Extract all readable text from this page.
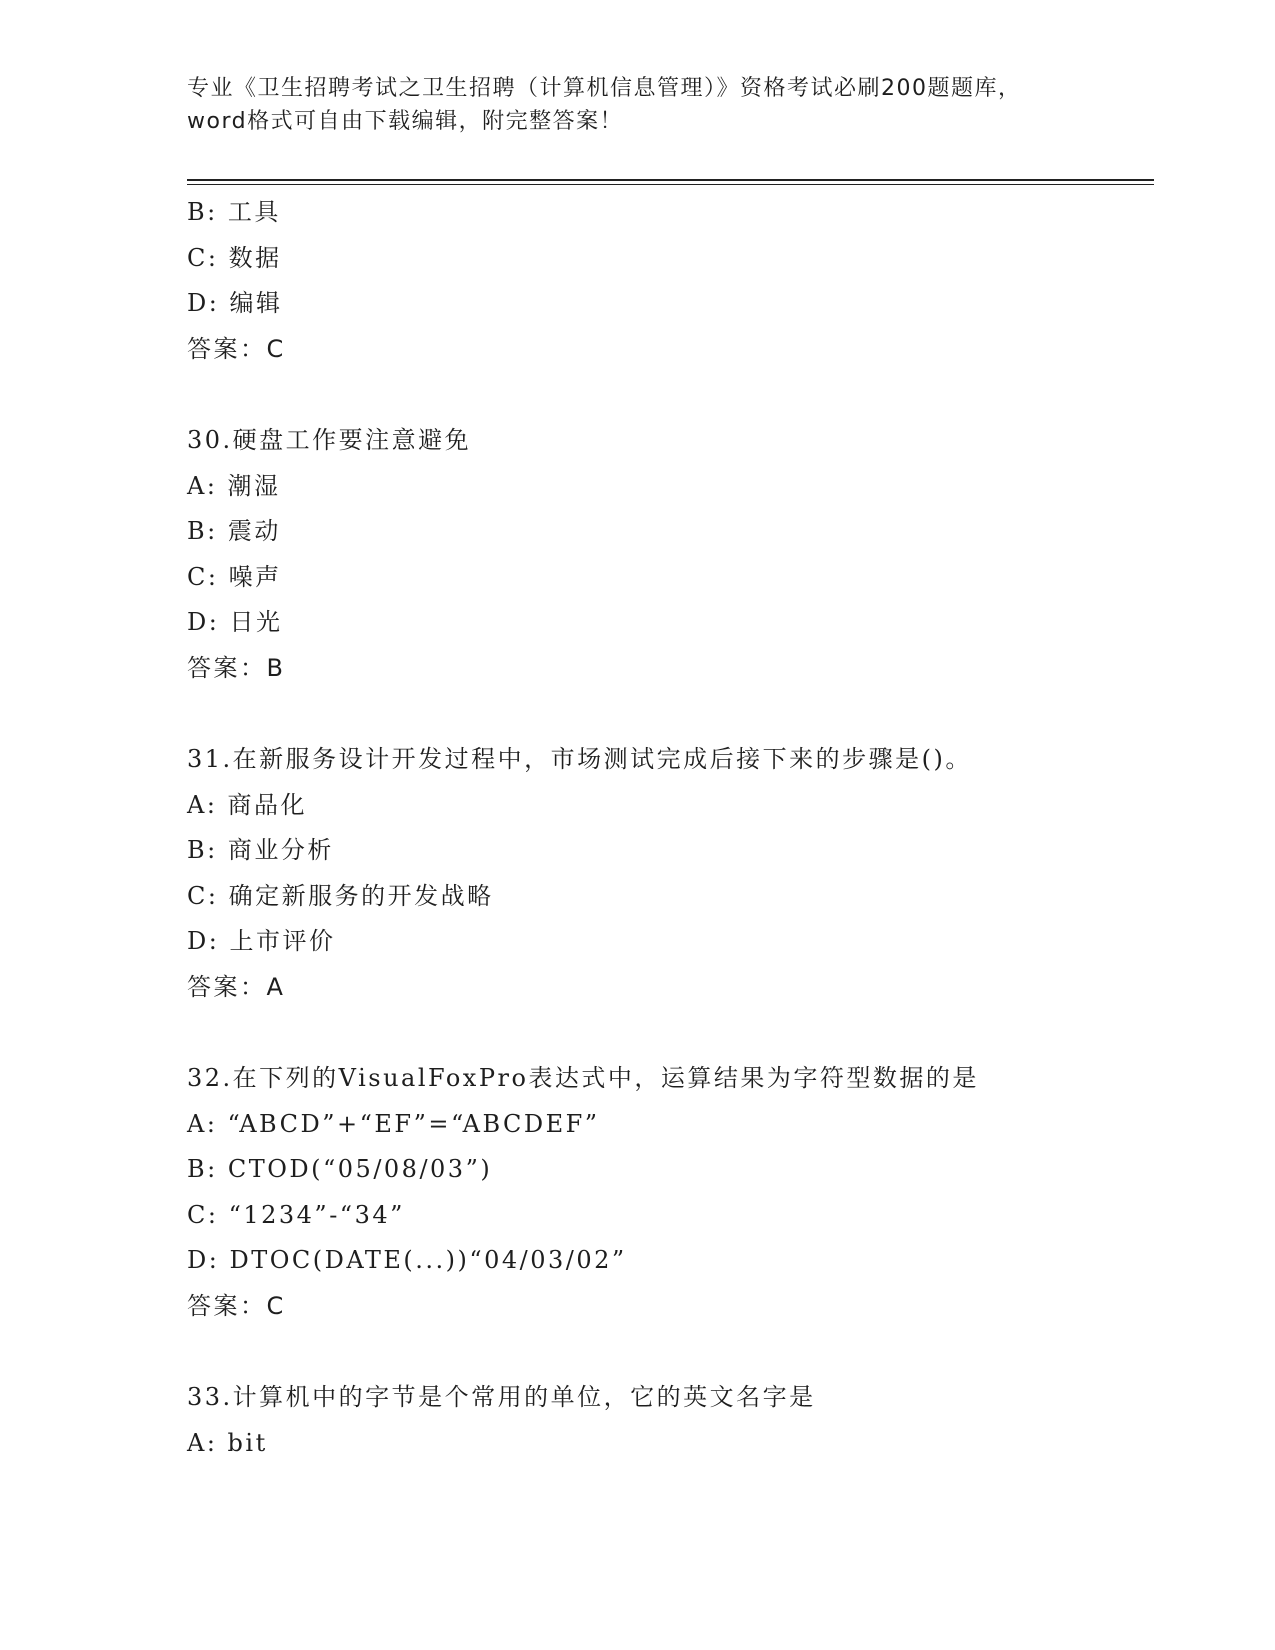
专业《卫生招聘考试之卫生招聘（计算机信息管理）》资格考试必刷200题题库，
word格式可自由下载编辑，附完整答案！
B: 工具
C: 数据
D: 编辑
答案：C
30.硬盘工作要注意避免
A: 潮湿
B: 震动
C: 噪声
D: 日光
答案：B
31.在新服务设计开发过程中，市场测试完成后接下来的步骤是()。
A: 商品化
B: 商业分析
C: 确定新服务的开发战略
D: 上市评价
答案：A
32.在下列的VisualFoxPro表达式中，运算结果为字符型数据的是
A: “ABCD”+“EF”=“ABCDEF”
B: CTOD(“05/08/03”)
C: “1234”-“34”
D: DTOC(DATE(...))“04/03/02”
答案：C
33.计算机中的字节是个常用的单位，它的英文名字是
A: bit
